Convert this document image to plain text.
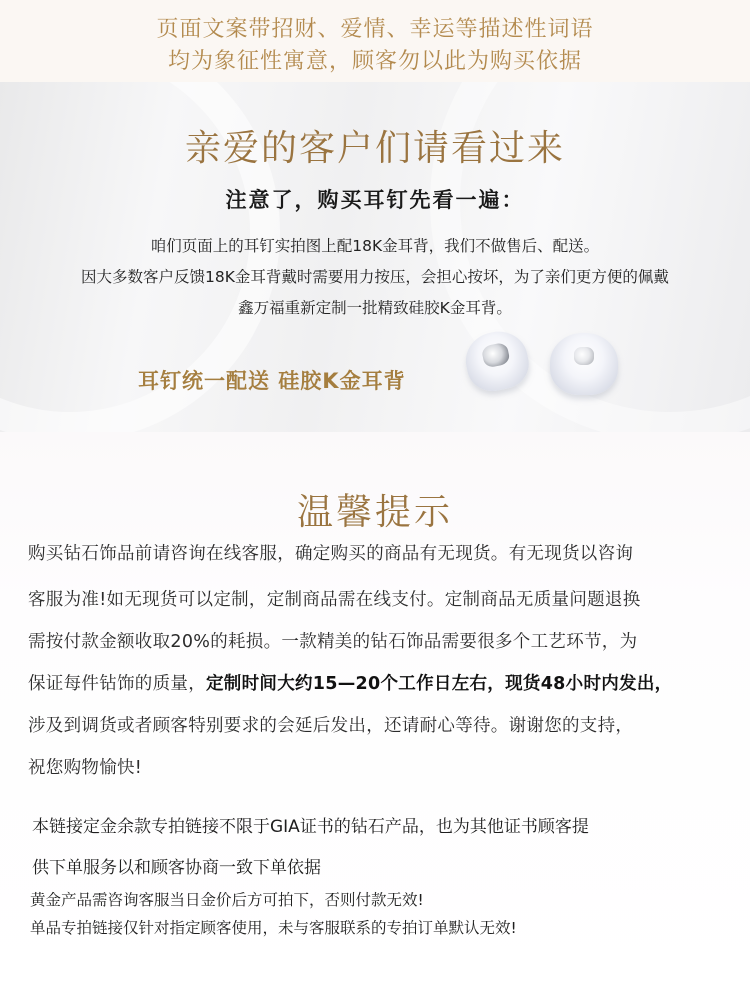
页面文案带招财、爱情、幸运等描述性词语
均为象征性寓意，顾客勿以此为购买依据
亲爱的客户们请看过来
注意了，购买耳钉先看一遍：
咱们页面上的耳钉实拍图上配18K金耳背，我们不做售后、配送。
因大多数客户反馈18K金耳背戴时需要用力按压，会担心按坏，为了亲们更方便的佩戴
鑫万福重新定制一批精致硅胶K金耳背。
耳钉统一配送 硅胶K金耳背
温馨提示
购买钻石饰品前请咨询在线客服，确定购买的商品有无现货。有无现货以咨询
客服为准!如无现货可以定制，定制商品需在线支付。定制商品无质量问题退换
需按付款金额收取20%的耗损。一款精美的钻石饰品需要很多个工艺环节，为
保证每件钻饰的质量，定制时间大约15—20个工作日左右，现货48小时内发出，
涉及到调货或者顾客特别要求的会延后发出，还请耐心等待。谢谢您的支持，
祝您购物愉快!
本链接定金余款专拍链接不限于GIA证书的钻石产品，也为其他证书顾客提
供下单服务以和顾客协商一致下单依据
黄金产品需咨询客服当日金价后方可拍下，否则付款无效!
单品专拍链接仅针对指定顾客使用，未与客服联系的专拍订单默认无效!
